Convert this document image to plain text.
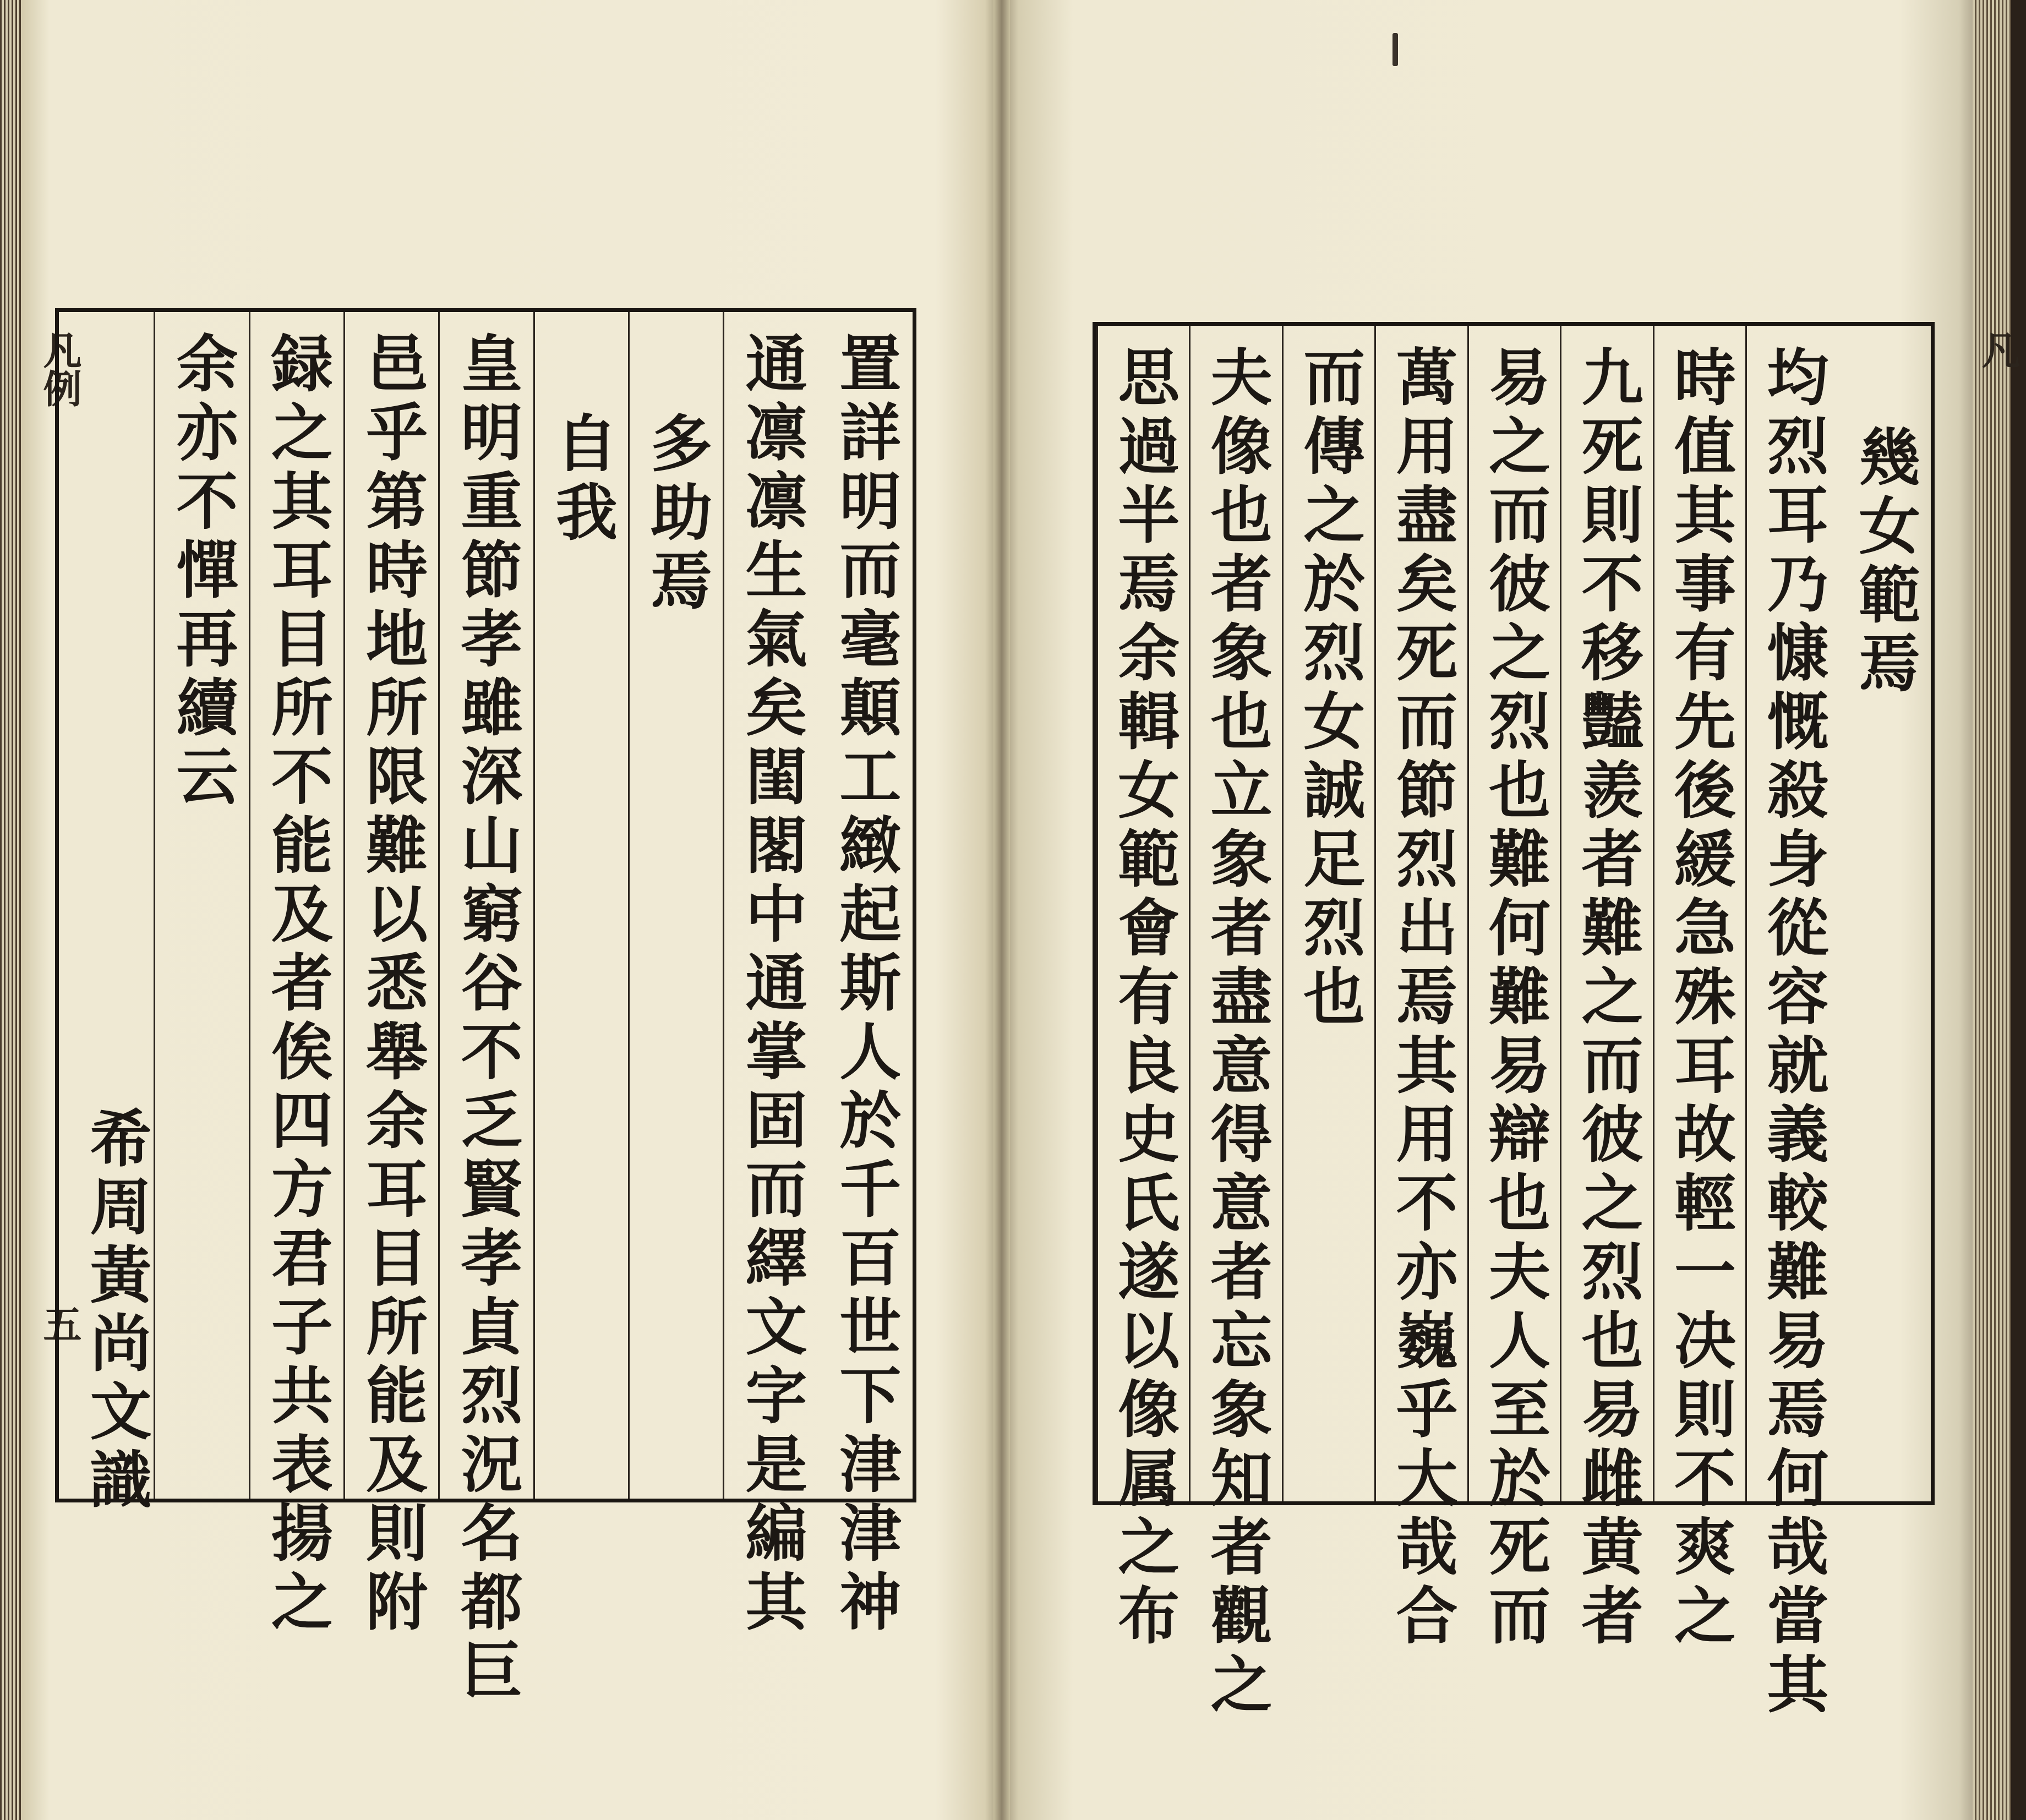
凡例
五	置詳明而毫顛工緻起斯人於千百世下津津神
通凛凛生氣矣閨閣中通掌固而繹文字是編其
多助焉
自我
皇明重節孝雖深山窮谷不乏賢孝貞烈況名都巨
邑乎第時地所限難以悉舉余耳目所能及則附
録之其耳目所不能及者俟四方君子共表揚之
余亦不憚再續云
希周黃尚文識
凡
幾女範焉
均烈耳乃慷慨殺身從容就義較難易焉何哉當其
時值其事有先後緩急殊耳故輕一决則不爽之
九死則不移豔羨者難之而彼之烈也易雌黄者
易之而彼之烈也難何難易辯也夫人至於死而
萬用盡矣死而節烈出焉其用不亦巍乎大哉合
而傳之於烈女誠足烈也
夫像也者象也立象者盡意得意者忘象知者觀之
思過半焉余輯女範會有良史氏遂以像属之布
